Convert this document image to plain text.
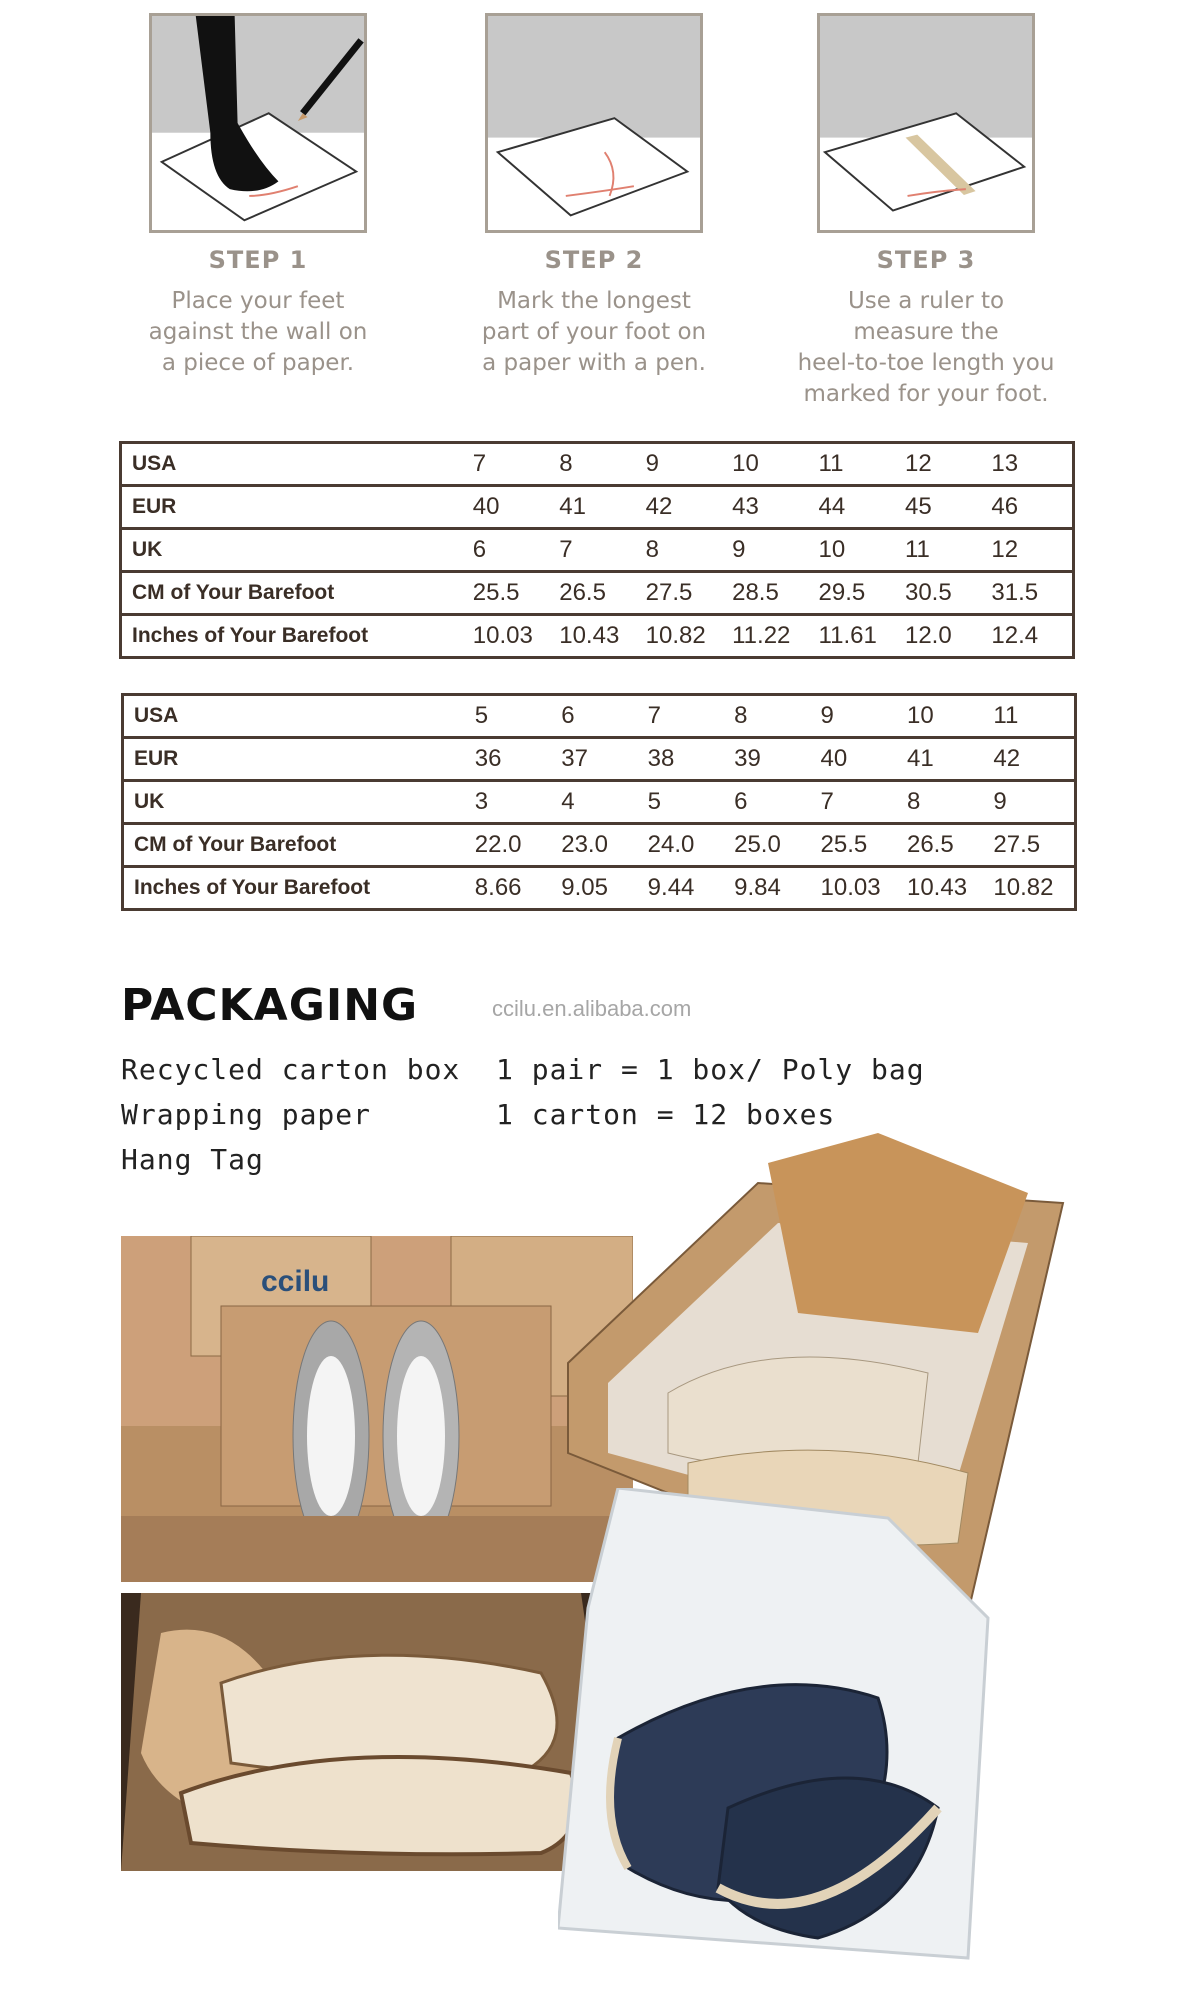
STEP 1	STEP 2	STEP 3
Place your feet
against the wall on
a piece of paper.
Mark the longest
part of your foot on
a paper with a pen.
Use a ruler to
measure the
heel-to-toe length you
marked for your foot.
USA	7	8	9	10	11	12	13
EUR	40	41	42	43	44	45	46
UK	6	7	8	9	10	11	12
CM of Your Barefoot	25.5	26.5	27.5	28.5	29.5	30.5	31.5
Inches of Your Barefoot	10.03	10.43	10.82	11.22	11.61	12.0	12.4
USA	5	6	7	8	9	10	11
EUR	36	37	38	39	40	41	42
UK	3	4	5	6	7	8	9
CM of Your Barefoot	22.0	23.0	24.0	25.0	25.5	26.5	27.5
Inches of Your Barefoot	8.66	9.05	9.44	9.84	10.03	10.43	10.82
PACKAGING	ccilu.en.alibaba.com
Recycled carton box
Wrapping paper
Hang Tag
1 pair = 1 box/ Poly bag
1 carton = 12 boxes
ccilu
